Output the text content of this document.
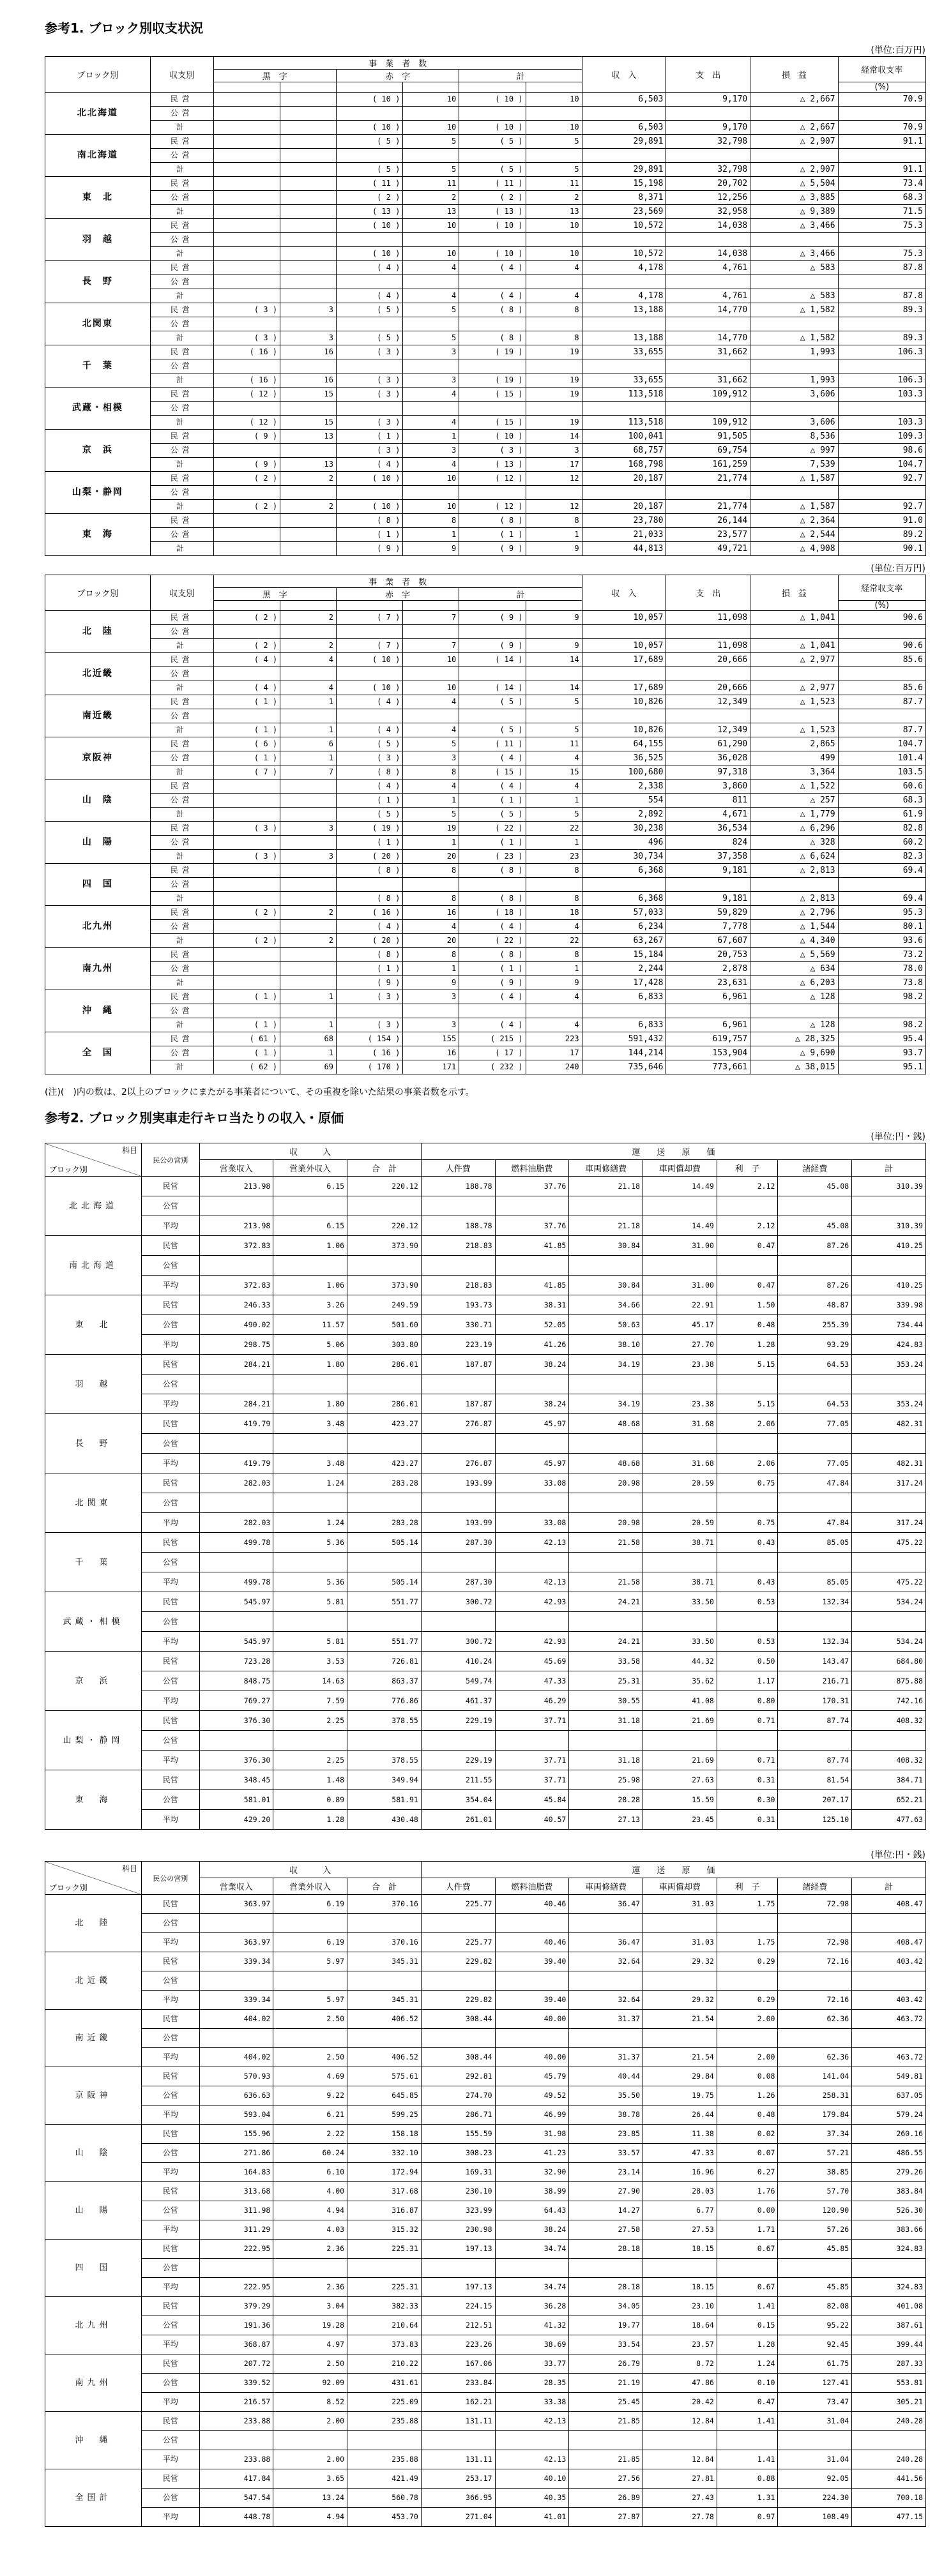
参考1. ブロック別収支状況
(単位:百万円)
ブロック別	収支別	事　業　者　数						収　入	支　出	損　益	経常収支率
		黒　字		赤　字		計					
											(%)
北北海道	民営			( 10 )	10	( 10 )	10	6,503	9,170	△ 2,667	70.9
	公営										
	計			( 10 )	10	( 10 )	10	6,503	9,170	△ 2,667	70.9
南北海道	民営			( 5 )	5	( 5 )	5	29,891	32,798	△ 2,907	91.1
	公営										
	計			( 5 )	5	( 5 )	5	29,891	32,798	△ 2,907	91.1
東　北	民営			( 11 )	11	( 11 )	11	15,198	20,702	△ 5,504	73.4
	公営			( 2 )	2	( 2 )	2	8,371	12,256	△ 3,885	68.3
	計			( 13 )	13	( 13 )	13	23,569	32,958	△ 9,389	71.5
羽　越	民営			( 10 )	10	( 10 )	10	10,572	14,038	△ 3,466	75.3
	公営										
	計			( 10 )	10	( 10 )	10	10,572	14,038	△ 3,466	75.3
長　野	民営			( 4 )	4	( 4 )	4	4,178	4,761	△ 583	87.8
	公営										
	計			( 4 )	4	( 4 )	4	4,178	4,761	△ 583	87.8
北関東	民営	( 3 )	3	( 5 )	5	( 8 )	8	13,188	14,770	△ 1,582	89.3
	公営										
	計	( 3 )	3	( 5 )	5	( 8 )	8	13,188	14,770	△ 1,582	89.3
千　葉	民営	( 16 )	16	( 3 )	3	( 19 )	19	33,655	31,662	1,993	106.3
	公営										
	計	( 16 )	16	( 3 )	3	( 19 )	19	33,655	31,662	1,993	106.3
武蔵・相模	民営	( 12 )	15	( 3 )	4	( 15 )	19	113,518	109,912	3,606	103.3
	公営										
	計	( 12 )	15	( 3 )	4	( 15 )	19	113,518	109,912	3,606	103.3
京　浜	民営	( 9 )	13	( 1 )	1	( 10 )	14	100,041	91,505	8,536	109.3
	公営			( 3 )	3	( 3 )	3	68,757	69,754	△ 997	98.6
	計	( 9 )	13	( 4 )	4	( 13 )	17	168,798	161,259	7,539	104.7
山梨・静岡	民営	( 2 )	2	( 10 )	10	( 12 )	12	20,187	21,774	△ 1,587	92.7
	公営										
	計	( 2 )	2	( 10 )	10	( 12 )	12	20,187	21,774	△ 1,587	92.7
東　海	民営			( 8 )	8	( 8 )	8	23,780	26,144	△ 2,364	91.0
	公営			( 1 )	1	( 1 )	1	21,033	23,577	△ 2,544	89.2
	計			( 9 )	9	( 9 )	9	44,813	49,721	△ 4,908	90.1
(単位:百万円)
ブロック別	収支別	事　業　者　数						収　入	支　出	損　益	経常収支率
		黒　字		赤　字		計					
											(%)
北　陸	民営	( 2 )	2	( 7 )	7	( 9 )	9	10,057	11,098	△ 1,041	90.6
	公営										
	計	( 2 )	2	( 7 )	7	( 9 )	9	10,057	11,098	△ 1,041	90.6
北近畿	民営	( 4 )	4	( 10 )	10	( 14 )	14	17,689	20,666	△ 2,977	85.6
	公営										
	計	( 4 )	4	( 10 )	10	( 14 )	14	17,689	20,666	△ 2,977	85.6
南近畿	民営	( 1 )	1	( 4 )	4	( 5 )	5	10,826	12,349	△ 1,523	87.7
	公営										
	計	( 1 )	1	( 4 )	4	( 5 )	5	10,826	12,349	△ 1,523	87.7
京阪神	民営	( 6 )	6	( 5 )	5	( 11 )	11	64,155	61,290	2,865	104.7
	公営	( 1 )	1	( 3 )	3	( 4 )	4	36,525	36,028	499	101.4
	計	( 7 )	7	( 8 )	8	( 15 )	15	100,680	97,318	3,364	103.5
山　陰	民営			( 4 )	4	( 4 )	4	2,338	3,860	△ 1,522	60.6
	公営			( 1 )	1	( 1 )	1	554	811	△ 257	68.3
	計			( 5 )	5	( 5 )	5	2,892	4,671	△ 1,779	61.9
山　陽	民営	( 3 )	3	( 19 )	19	( 22 )	22	30,238	36,534	△ 6,296	82.8
	公営			( 1 )	1	( 1 )	1	496	824	△ 328	60.2
	計	( 3 )	3	( 20 )	20	( 23 )	23	30,734	37,358	△ 6,624	82.3
四　国	民営			( 8 )	8	( 8 )	8	6,368	9,181	△ 2,813	69.4
	公営										
	計			( 8 )	8	( 8 )	8	6,368	9,181	△ 2,813	69.4
北九州	民営	( 2 )	2	( 16 )	16	( 18 )	18	57,033	59,829	△ 2,796	95.3
	公営			( 4 )	4	( 4 )	4	6,234	7,778	△ 1,544	80.1
	計	( 2 )	2	( 20 )	20	( 22 )	22	63,267	67,607	△ 4,340	93.6
南九州	民営			( 8 )	8	( 8 )	8	15,184	20,753	△ 5,569	73.2
	公営			( 1 )	1	( 1 )	1	2,244	2,878	△ 634	78.0
	計			( 9 )	9	( 9 )	9	17,428	23,631	△ 6,203	73.8
沖　縄	民営	( 1 )	1	( 3 )	3	( 4 )	4	6,833	6,961	△ 128	98.2
	公営										
	計	( 1 )	1	( 3 )	3	( 4 )	4	6,833	6,961	△ 128	98.2
全　国	民営	( 61 )	68	( 154 )	155	( 215 )	223	591,432	619,757	△ 28,325	95.4
	公営	( 1 )	1	( 16 )	16	( 17 )	17	144,214	153,904	△ 9,690	93.7
	計	( 62 )	69	( 170 )	171	( 232 )	240	735,646	773,661	△ 38,015	95.1
(注)(　)内の数は、2以上のブロックにまたがる事業者について、その重複を除いた結果の事業者数を示す。
参考2. ブロック別実車走行キロ当たりの収入・原価
(単位:円・銭)
科目
ブロック別	民公の営別	収　　　入			運　　送　　原　　価						
		営業収入	営業外収入	合　計	人件費	燃料油脂費	車両修繕費	車両償却費	利　子	諸経費	計
北北海道	民営	213.98	6.15	220.12	188.78	37.76	21.18	14.49	2.12	45.08	310.39
	公営										
	平均	213.98	6.15	220.12	188.78	37.76	21.18	14.49	2.12	45.08	310.39
南北海道	民営	372.83	1.06	373.90	218.83	41.85	30.84	31.00	0.47	87.26	410.25
	公営										
	平均	372.83	1.06	373.90	218.83	41.85	30.84	31.00	0.47	87.26	410.25
東　北	民営	246.33	3.26	249.59	193.73	38.31	34.66	22.91	1.50	48.87	339.98
	公営	490.02	11.57	501.60	330.71	52.05	50.63	45.17	0.48	255.39	734.44
	平均	298.75	5.06	303.80	223.19	41.26	38.10	27.70	1.28	93.29	424.83
羽　越	民営	284.21	1.80	286.01	187.87	38.24	34.19	23.38	5.15	64.53	353.24
	公営										
	平均	284.21	1.80	286.01	187.87	38.24	34.19	23.38	5.15	64.53	353.24
長　野	民営	419.79	3.48	423.27	276.87	45.97	48.68	31.68	2.06	77.05	482.31
	公営										
	平均	419.79	3.48	423.27	276.87	45.97	48.68	31.68	2.06	77.05	482.31
北関東	民営	282.03	1.24	283.28	193.99	33.08	20.98	20.59	0.75	47.84	317.24
	公営										
	平均	282.03	1.24	283.28	193.99	33.08	20.98	20.59	0.75	47.84	317.24
千　葉	民営	499.78	5.36	505.14	287.30	42.13	21.58	38.71	0.43	85.05	475.22
	公営										
	平均	499.78	5.36	505.14	287.30	42.13	21.58	38.71	0.43	85.05	475.22
武蔵・相模	民営	545.97	5.81	551.77	300.72	42.93	24.21	33.50	0.53	132.34	534.24
	公営										
	平均	545.97	5.81	551.77	300.72	42.93	24.21	33.50	0.53	132.34	534.24
京　浜	民営	723.28	3.53	726.81	410.24	45.69	33.58	44.32	0.50	143.47	684.80
	公営	848.75	14.63	863.37	549.74	47.33	25.31	35.62	1.17	216.71	875.88
	平均	769.27	7.59	776.86	461.37	46.29	30.55	41.08	0.80	170.31	742.16
山梨・静岡	民営	376.30	2.25	378.55	229.19	37.71	31.18	21.69	0.71	87.74	408.32
	公営										
	平均	376.30	2.25	378.55	229.19	37.71	31.18	21.69	0.71	87.74	408.32
東　海	民営	348.45	1.48	349.94	211.55	37.71	25.98	27.63	0.31	81.54	384.71
	公営	581.01	0.89	581.91	354.04	45.84	28.28	15.59	0.30	207.17	652.21
	平均	429.20	1.28	430.48	261.01	40.57	27.13	23.45	0.31	125.10	477.63
(単位:円・銭)
科目
ブロック別	民公の営別	収　　　入			運　　送　　原　　価						
		営業収入	営業外収入	合　計	人件費	燃料油脂費	車両修繕費	車両償却費	利　子	諸経費	計
北　陸	民営	363.97	6.19	370.16	225.77	40.46	36.47	31.03	1.75	72.98	408.47
	公営										
	平均	363.97	6.19	370.16	225.77	40.46	36.47	31.03	1.75	72.98	408.47
北近畿	民営	339.34	5.97	345.31	229.82	39.40	32.64	29.32	0.29	72.16	403.42
	公営										
	平均	339.34	5.97	345.31	229.82	39.40	32.64	29.32	0.29	72.16	403.42
南近畿	民営	404.02	2.50	406.52	308.44	40.00	31.37	21.54	2.00	62.36	463.72
	公営										
	平均	404.02	2.50	406.52	308.44	40.00	31.37	21.54	2.00	62.36	463.72
京阪神	民営	570.93	4.69	575.61	292.81	45.79	40.44	29.84	0.08	141.04	549.81
	公営	636.63	9.22	645.85	274.70	49.52	35.50	19.75	1.26	258.31	637.05
	平均	593.04	6.21	599.25	286.71	46.99	38.78	26.44	0.48	179.84	579.24
山　陰	民営	155.96	2.22	158.18	155.59	31.98	23.85	11.38	0.02	37.34	260.16
	公営	271.86	60.24	332.10	308.23	41.23	33.57	47.33	0.07	57.21	486.55
	平均	164.83	6.10	172.94	169.31	32.90	23.14	16.96	0.27	38.85	279.26
山　陽	民営	313.68	4.00	317.68	230.10	38.99	27.90	28.03	1.76	57.70	383.84
	公営	311.98	4.94	316.87	323.99	64.43	14.27	6.77	0.00	120.90	526.30
	平均	311.29	4.03	315.32	230.98	38.24	27.58	27.53	1.71	57.26	383.66
四　国	民営	222.95	2.36	225.31	197.13	34.74	28.18	18.15	0.67	45.85	324.83
	公営										
	平均	222.95	2.36	225.31	197.13	34.74	28.18	18.15	0.67	45.85	324.83
北九州	民営	379.29	3.04	382.33	224.15	36.28	34.05	23.10	1.41	82.08	401.08
	公営	191.36	19.28	210.64	212.51	41.32	19.77	18.64	0.15	95.22	387.61
	平均	368.87	4.97	373.83	223.26	38.69	33.54	23.57	1.28	92.45	399.44
南九州	民営	207.72	2.50	210.22	167.06	33.77	26.79	8.72	1.24	61.75	287.33
	公営	339.52	92.09	431.61	233.84	28.35	21.19	47.86	0.10	127.41	553.81
	平均	216.57	8.52	225.09	162.21	33.38	25.45	20.42	0.47	73.47	305.21
沖　縄	民営	233.88	2.00	235.88	131.11	42.13	21.85	12.84	1.41	31.04	240.28
	公営										
	平均	233.88	2.00	235.88	131.11	42.13	21.85	12.84	1.41	31.04	240.28
全国計	民営	417.84	3.65	421.49	253.17	40.10	27.56	27.81	0.88	92.05	441.56
	公営	547.54	13.24	560.78	366.95	40.35	26.89	27.43	1.31	224.30	700.18
	平均	448.78	4.94	453.70	271.04	41.01	27.87	27.78	0.97	108.49	477.15
